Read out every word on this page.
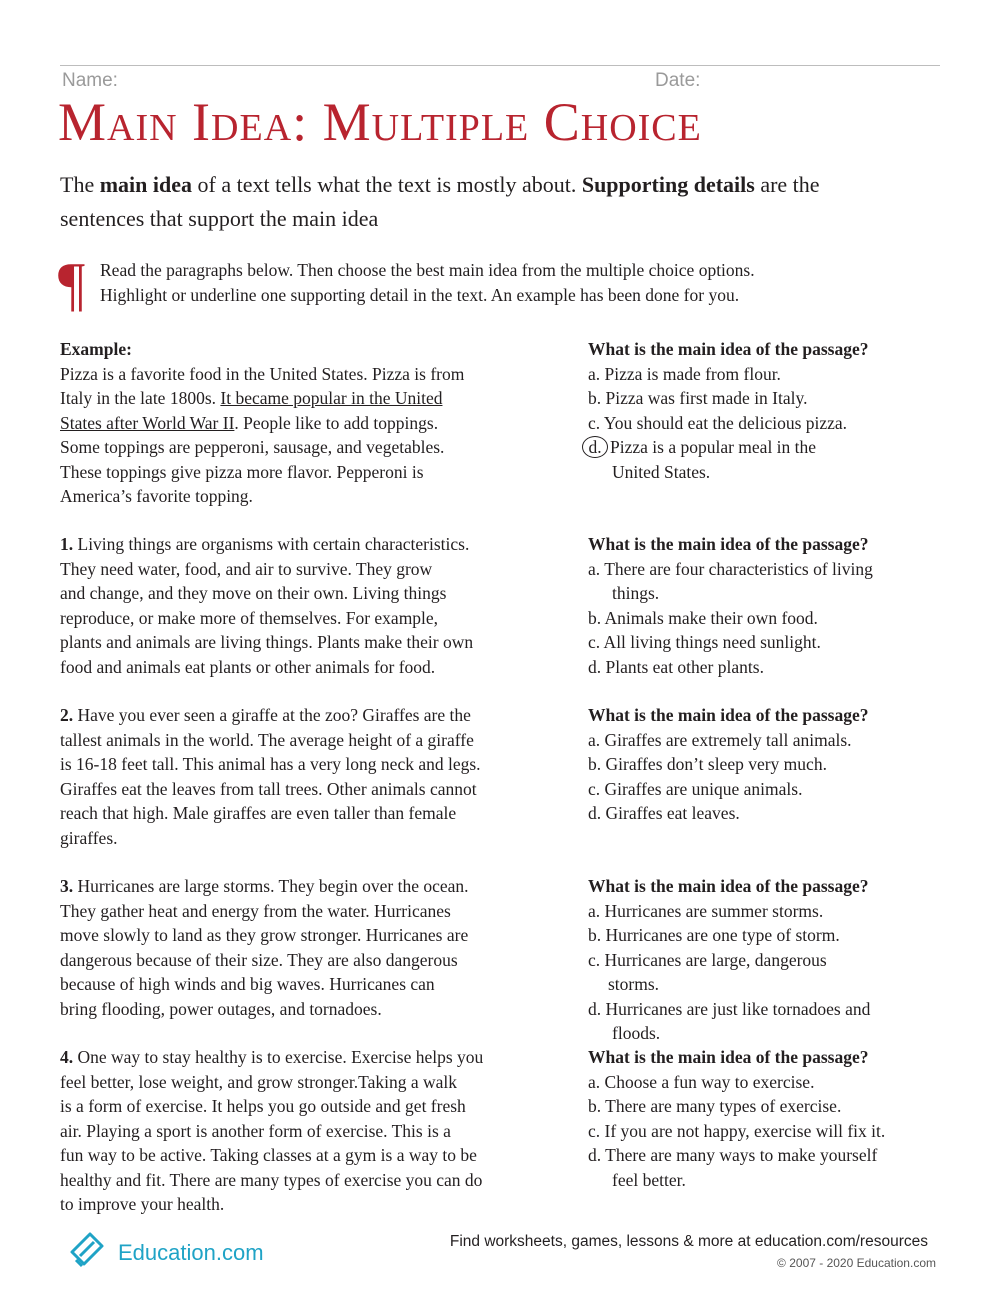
Name:	Date:
Main Idea: Multiple Choice
The main idea of a text tells what the text is mostly about. Supporting details are the
sentences that support the main idea
¶ Read the paragraphs below. Then choose the best main idea from the multiple choice options.
Highlight or underline one supporting detail in the text. An example has been done for you.
Example:
Pizza is a favorite food in the United States. Pizza is from
Italy in the late 1800s. It became popular in the United
States after World War II. People like to add toppings.
Some toppings are pepperoni, sausage, and vegetables.
These toppings give pizza more flavor. Pepperoni is
America’s favorite topping.
What is the main idea of the passage?
a. Pizza is made from flour.
b. Pizza was first made in Italy.
c. You should eat the delicious pizza.
d. Pizza is a popular meal in the
United States.
1. Living things are organisms with certain characteristics.
They need water, food, and air to survive. They grow
and change, and they move on their own. Living things
reproduce, or make more of themselves. For example,
plants and animals are living things. Plants make their own
food and animals eat plants or other animals for food.
What is the main idea of the passage?
a. There are four characteristics of living
things.
b. Animals make their own food.
c. All living things need sunlight.
d. Plants eat other plants.
2. Have you ever seen a giraffe at the zoo? Giraffes are the
tallest animals in the world. The average height of a giraffe
is 16-18 feet tall. This animal has a very long neck and legs.
Giraffes eat the leaves from tall trees. Other animals cannot
reach that high. Male giraffes are even taller than female
giraffes.
What is the main idea of the passage?
a. Giraffes are extremely tall animals.
b. Giraffes don’t sleep very much.
c. Giraffes are unique animals.
d. Giraffes eat leaves.
3. Hurricanes are large storms. They begin over the ocean.
They gather heat and energy from the water. Hurricanes
move slowly to land as they grow stronger. Hurricanes are
dangerous because of their size. They are also dangerous
because of high winds and big waves. Hurricanes can
bring flooding, power outages, and tornadoes.
What is the main idea of the passage?
a. Hurricanes are summer storms.
b. Hurricanes are one type of storm.
c. Hurricanes are large, dangerous
storms.
d. Hurricanes are just like tornadoes and
floods.
4. One way to stay healthy is to exercise. Exercise helps you
feel better, lose weight, and grow stronger.Taking a walk
is a form of exercise. It helps you go outside and get fresh
air. Playing a sport is another form of exercise. This is a
fun way to be active. Taking classes at a gym is a way to be
healthy and fit. There are many types of exercise you can do
to improve your health.
What is the main idea of the passage?
a. Choose a fun way to exercise.
b. There are many types of exercise.
c. If you are not happy, exercise will fix it.
d. There are many ways to make yourself
feel better.
Education.com	Find worksheets, games, lessons & more at education.com/resources
© 2007 - 2020 Education.com
